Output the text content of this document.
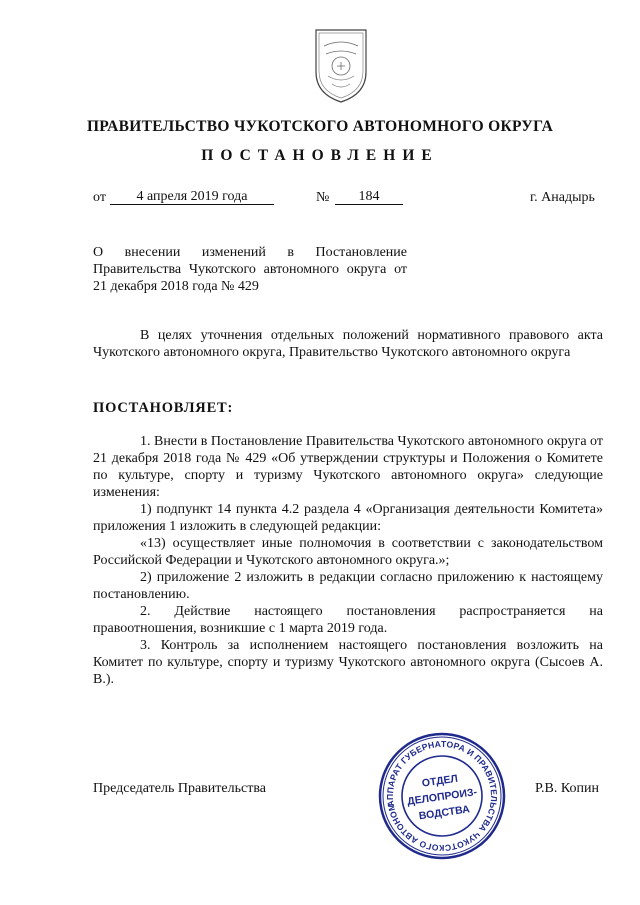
ПРАВИТЕЛЬСТВО ЧУКОТСКОГО АВТОНОМНОГО ОКРУГА
ПОСТАНОВЛЕНИЕ
от	4 апреля 2019 года	№	184	г. Анадырь
О внесении изменений в Постановление Правительства Чукотского автономного округа от 21 декабря 2018 года № 429

В целях уточнения отдельных положений нормативного правового акта Чукотского автономного округа, Правительство Чукотского автономного округа

ПОСТАНОВЛЯЕТ:

1. Внести в Постановление Правительства Чукотского автономного округа от 21 декабря 2018 года № 429 «Об утверждении структуры и Положения о Комитете по культуре, спорту и туризму Чукотского автономного округа» следующие изменения:

1) подпункт 14 пункта 4.2 раздела 4 «Организация деятельности Комитета» приложения 1 изложить в следующей редакции:

«13) осуществляет иные полномочия в соответствии с законодательством Российской Федерации и Чукотского автономного округа.»;

2) приложение 2 изложить в редакции согласно приложению к настоящему постановлению.

2. Действие настоящего постановления распространяется на правоотношения, возникшие с 1 марта 2019 года.

3. Контроль за исполнением настоящего постановления возложить на Комитет по культуре, спорту и туризму Чукотского автономного округа (Сысоев А. В.).

Председатель Правительства	Р.В. Копин
АППАРАТ ГУБЕРНАТОРА И ПРАВИТЕЛЬСТВА ЧУКОТСКОГО АВТОНОМНОГО
ОТДЕЛ
ДЕЛОПРОИЗ-
ВОДСТВА
